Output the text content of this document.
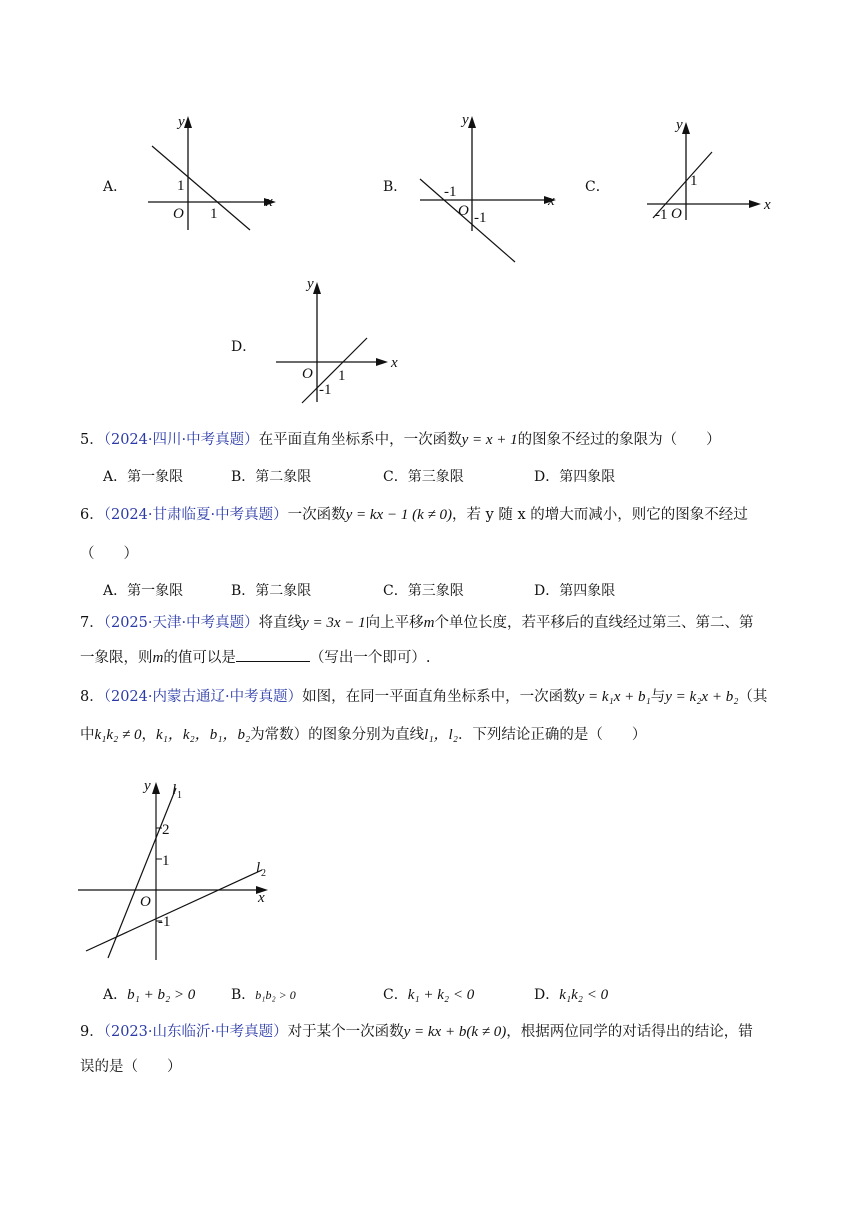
A．
y
x
O
1
1
B．
y
x
O -1
-1	C．
y
x
O
1
-1
D．
y
x
O
-1
1
5．（2024·四川·中考真题）在平面直角坐标系中，一次函数y = x + 1的图象不经过的象限为（　　）
A．第一象限	B．第二象限	C．第三象限	D．第四象限
6．（2024·甘肃临夏·中考真题）一次函数y = kx − 1 (k ≠ 0)，若 y 随 x 的增大而减小，则它的图象不经过
（　　）
A．第一象限	B．第二象限	C．第三象限	D．第四象限
7．（2025·天津·中考真题）将直线y = 3x − 1向上平移m个单位长度，若平移后的直线经过第三、第二、第
一象限，则m的值可以是	（写出一个即可）.
8．（2024·内蒙古通辽·中考真题）如图，在同一平面直角坐标系中，一次函数y = k₁x + b₁与y = k₂x + b₂（其
中k₁k₂ ≠ 0，k₁，k₂，b₁，b₂为常数）的图象分别为直线l₁，l₂．下列结论正确的是（　　）
y
x
O
2
1
-1
l 1
l 2
A．b₁ + b₂ > 0	B．b₁b₂ > 0	C．k₁ + k₂ < 0	D．k₁k₂ < 0
9．（2023·山东临沂·中考真题）对于某个一次函数y = kx + b(k ≠ 0)，根据两位同学的对话得出的结论，错
误的是（　　）
